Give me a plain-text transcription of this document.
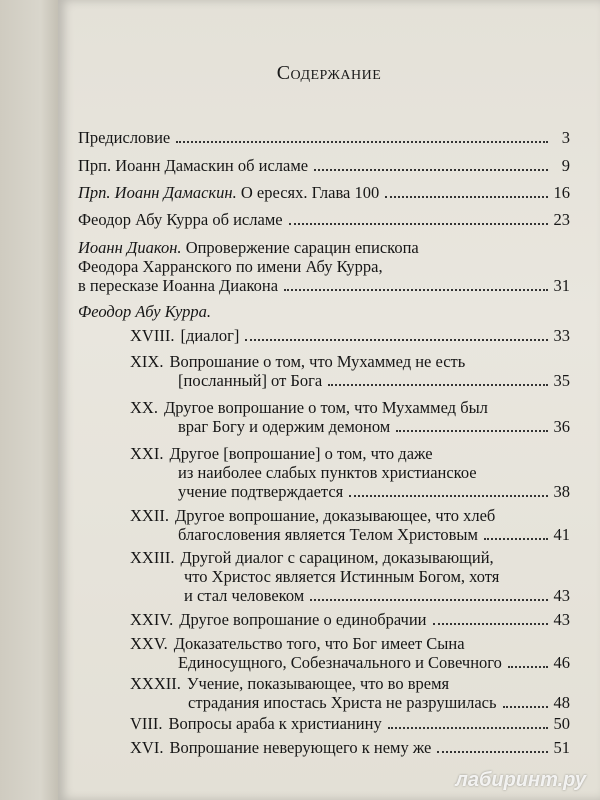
Содержание
Предисловие	3
Прп. Иоанн Дамаскин об исламе	9
Прп. Иоанн Дамаскин.
О ересях. Глава 100	16
Феодор Абу Курра об исламе	23
Иоанн Диакон. Опровержение сарацин епископа
Феодора Харранского по имени Абу Курра,
в пересказе Иоанна Диакона	31
Феодор Абу Курра.
XVIII. [диалог]	33
XIX. Вопрошание о том, что Мухаммед не есть
[посланный] от Бога	35
XX. Другое вопрошание о том, что Мухаммед был
враг Богу и одержим демоном	36
XXI. Другое [вопрошание] о том, что даже
из наиболее слабых пунктов христианское
учение подтверждается	38
XXII. Другое вопрошание, доказывающее, что хлеб
благословения является Телом Христовым	41
XXIII. Другой диалог с сарацином, доказывающий,
что Христос является Истинным Богом, хотя
и стал человеком	43
XXIV. Другое вопрошание о единобрачии	43
XXV. Доказательство того, что Бог имеет Сына
Единосущного, Собезначального и Совечного	46
XXXII. Учение, показывающее, что во время
страдания ипостась Христа не разрушилась	48
VIII. Вопросы араба к христианину	50
XVI. Вопрошание неверующего к нему же	51
лабиринт.ру
